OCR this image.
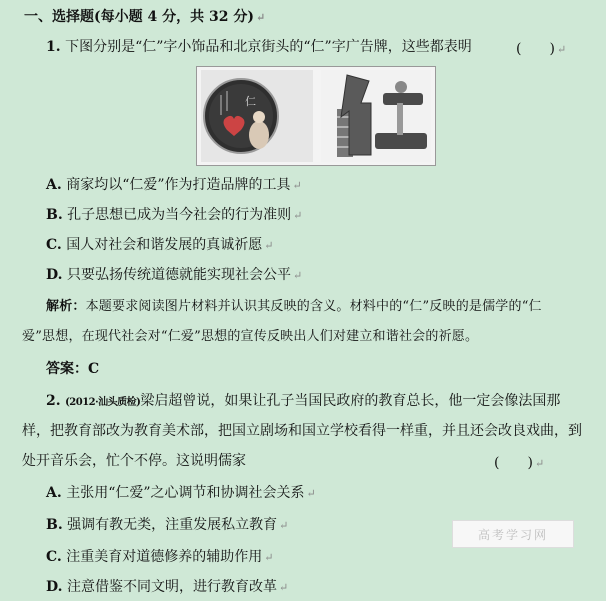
一、选择题(每小题 4 分，共 32 分) ↵
1. 下图分别是“仁”字小饰品和北京街头的“仁”字广告牌，这些都表明	(　　) ↵
仁
A. 商家均以“仁爱”作为打造品牌的工具 ↵
B. 孔子思想已成为当今社会的行为准则 ↵
C. 国人对社会和谐发展的真诚祈愿 ↵
D. 只要弘扬传统道德就能实现社会公平 ↵
解析：本题要求阅读图片材料并认识其反映的含义。材料中的“仁”反映的是儒学的“仁
爱”思想，在现代社会对“仁爱”思想的宣传反映出人们对建立和谐社会的祈愿。
答案：C
2. (2012·汕头质检)梁启超曾说，如果让孔子当国民政府的教育总长，他一定会像法国那
样，把教育部改为教育美术部，把国立剧场和国立学校看得一样重，并且还会改良戏曲，到
处开音乐会，忙个不停。这说明儒家	(　　) ↵
A. 主张用“仁爱”之心调节和协调社会关系 ↵
B. 强调有教无类，注重发展私立教育 ↵
C. 注重美育对道德修养的辅助作用 ↵
D. 注意借鉴不同文明，进行教育改革 ↵
高考学习网
